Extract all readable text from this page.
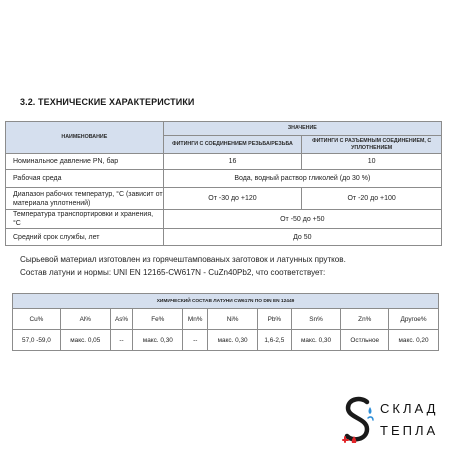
3.2. ТЕХНИЧЕСКИЕ ХАРАКТЕРИСТИКИ
НАИМЕНОВАНИЕ	ЗНАЧЕНИЕ	
	ФИТИНГИ С СОЕДИНЕНИЕМ РЕЗЬБА/РЕЗЬБА	ФИТИНГИ С РАЗЪЕМНЫМ СОЕДИНЕНИЕМ, С УПЛОТНЕНИЕМ
Номинальное давление PN, бар	16	10
Рабочая среда	Вода, водный раствор гликолей (до 30 %)	
Диапазон рабочих температур, °С (зависит от материала уплотнений)	От -30 до +120	От -20 до +100
Температура транспортировки и хранения, °С	От -50 до +50	
Средний срок службы, лет	До 50	
Сырьевой материал изготовлен из горячештампованых заготовок и латунных прутков.
Состав латуни и нормы: UNI EN 12165-CW617N - CuZn40Pb2, что соответствует:
ХИМИЧЕСКИЙ СОСТАВ ЛАТУНИ CW617N ПО DIN EN 12449									
Cu%	Al%	As%	Fe%	Mn%	Ni%	Pb%	Sn%	Zn%	Другое%
57,0 -59,0	макс. 0,05	--	макс. 0,30	--	макс. 0,30	1,6-2,5	макс. 0,30	Остльное	макс. 0,20
СКЛАД
ТЕПЛА
